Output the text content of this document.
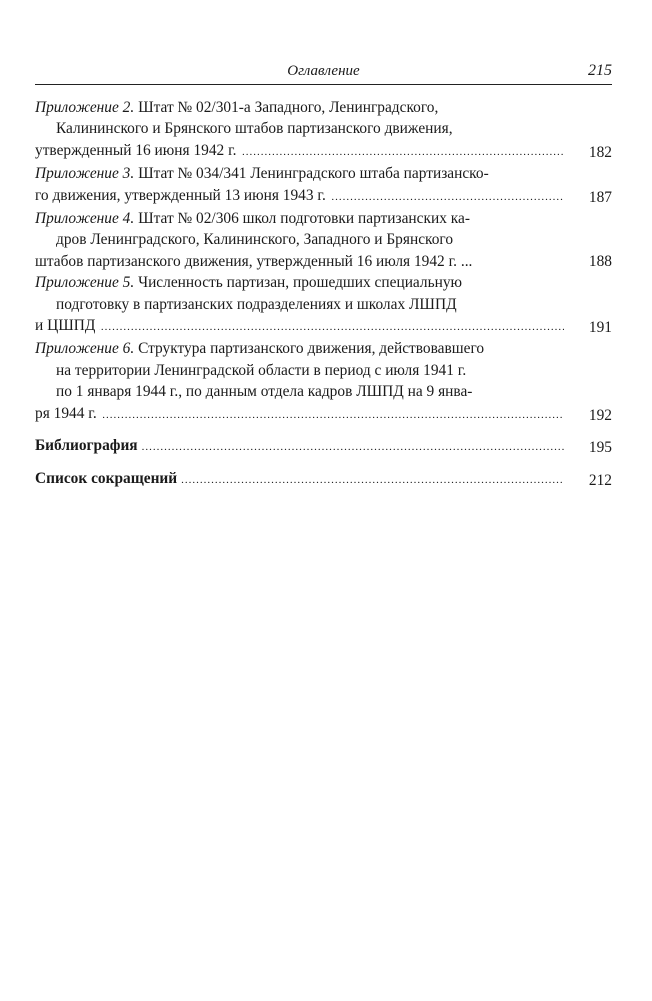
Оглавление	215

Приложение 2. Штат № 02/301-а Западного, Ленинградского,
Калининского и Брянского штабов партизанского движения,

утвержденный 16 июня 1942 г. .....	182

Приложение 3. Штат № 034/341 Ленинградского штаба партизанско-

го движения, утвержденный 13 июня 1943 г. .....	187

Приложение 4. Штат № 02/306 школ подготовки партизанских ка-
дров Ленинградского, Калининского, Западного и Брянского

штабов партизанского движения, утвержденный 16 июля 1942 г. ...	188

Приложение 5. Численность партизан, прошедших специальную
подготовку в партизанских подразделениях и школах ЛШПД

и ЦШПД .....	191

Приложение 6. Структура партизанского движения, действовавшего
на территории Ленинградской области в период с июля 1941 г.
по 1 января 1944 г., по данным отдела кадров ЛШПД на 9 янва-

ря 1944 г. .....	192

Библиография .....	195

Список сокращений .....	212
